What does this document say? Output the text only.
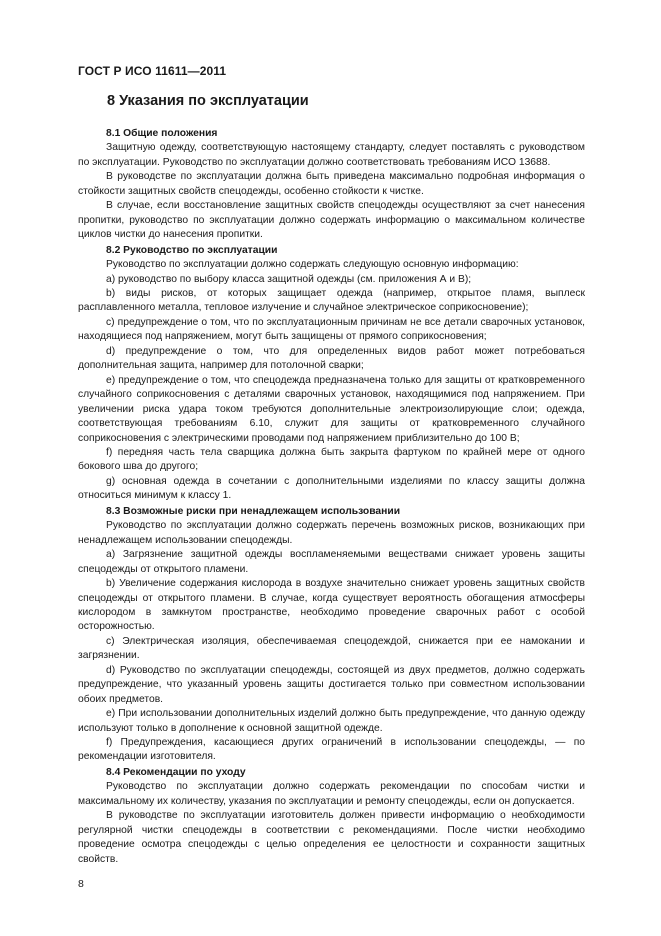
ГОСТ Р ИСО 11611—2011
8 Указания по эксплуатации

8.1 Общие положения

Защитную одежду, соответствующую настоящему стандарту, следует поставлять с руководством по эксплуатации. Руководство по эксплуатации должно соответствовать требованиям ИСО 13688.

В руководстве по эксплуатации должна быть приведена максимально подробная информация о стойкости защитных свойств спецодежды, особенно стойкости к чистке.

В случае, если восстановление защитных свойств спецодежды осуществляют за счет нанесения пропитки, руководство по эксплуатации должно содержать информацию о максимальном количестве циклов чистки до нанесения пропитки.

8.2 Руководство по эксплуатации

Руководство по эксплуатации должно содержать следующую основную информацию:

a) руководство по выбору класса защитной одежды (см. приложения А и В);

b) виды рисков, от которых защищает одежда (например, открытое пламя, выплеск расплавленного металла, тепловое излучение и случайное электрическое соприкосновение);

c) предупреждение о том, что по эксплуатационным причинам не все детали сварочных установок, находящиеся под напряжением, могут быть защищены от прямого соприкосновения;

d) предупреждение о том, что для определенных видов работ может потребоваться дополнительная защита, например для потолочной сварки;

e) предупреждение о том, что спецодежда предназначена только для защиты от кратковременного случайного соприкосновения с деталями сварочных установок, находящимися под напряжением. При увеличении риска удара током требуются дополнительные электроизолирующие слои; одежда, соответствующая требованиям 6.10, служит для защиты от кратковременного случайного соприкосновения с электрическими проводами под напряжением приблизительно до 100 В;

f) передняя часть тела сварщика должна быть закрыта фартуком по крайней мере от одного бокового шва до другого;

g) основная одежда в сочетании с дополнительными изделиями по классу защиты должна относиться минимум к классу 1.

8.3 Возможные риски при ненадлежащем использовании

Руководство по эксплуатации должно содержать перечень возможных рисков, возникающих при ненадлежащем использовании спецодежды.

a) Загрязнение защитной одежды воспламеняемыми веществами снижает уровень защиты спецодежды от открытого пламени.

b) Увеличение содержания кислорода в воздухе значительно снижает уровень защитных свойств спецодежды от открытого пламени. В случае, когда существует вероятность обогащения атмосферы кислородом в замкнутом пространстве, необходимо проведение сварочных работ с особой осторожностью.

c) Электрическая изоляция, обеспечиваемая спецодеждой, снижается при ее намокании и загрязнении.

d) Руководство по эксплуатации спецодежды, состоящей из двух предметов, должно содержать предупреждение, что указанный уровень защиты достигается только при совместном использовании обоих предметов.

e) При использовании дополнительных изделий должно быть предупреждение, что данную одежду используют только в дополнение к основной защитной одежде.

f) Предупреждения, касающиеся других ограничений в использовании спецодежды, — по рекомендации изготовителя.

8.4 Рекомендации по уходу

Руководство по эксплуатации должно содержать рекомендации по способам чистки и максимальному их количеству, указания по эксплуатации и ремонту спецодежды, если он допускается.

В руководстве по эксплуатации изготовитель должен привести информацию о необходимости регулярной чистки спецодежды в соответствии с рекомендациями. После чистки необходимо проведение осмотра спецодежды с целью определения ее целостности и сохранности защитных свойств.

8
